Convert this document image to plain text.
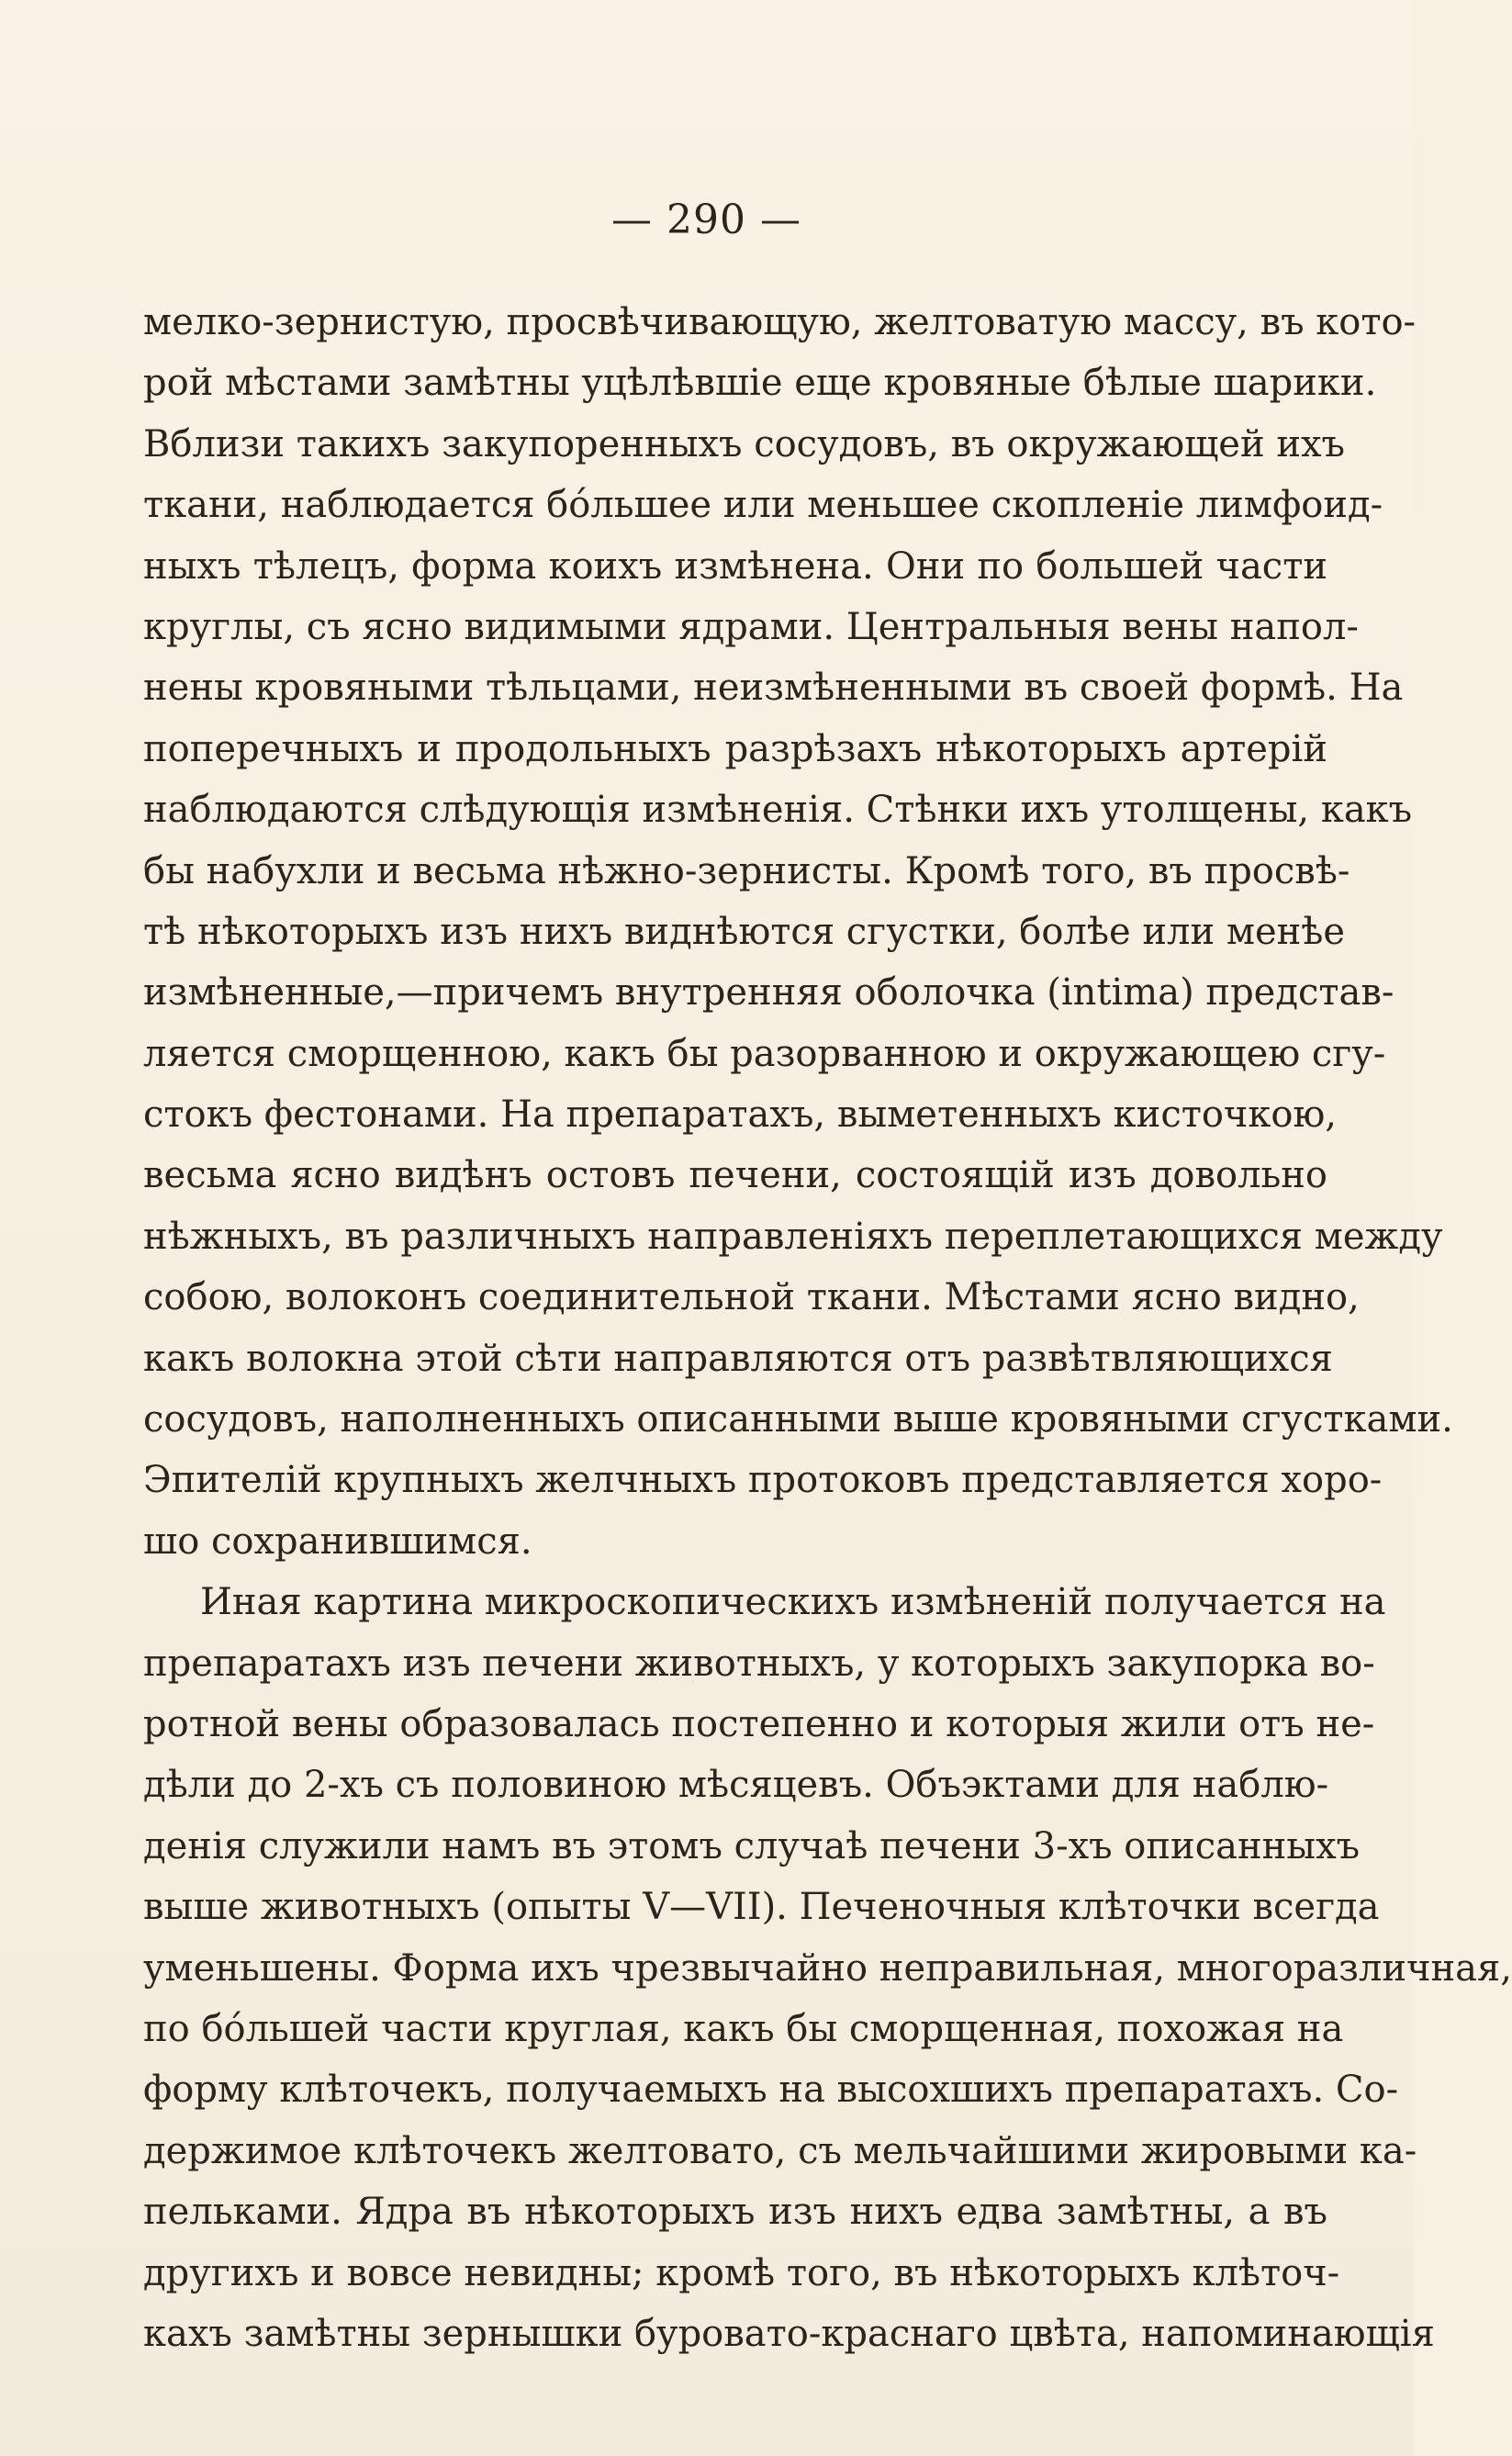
— 290 —
мелко-зернистую, просвѣчивающую, желтоватую массу, въ кото-
рой мѣстами замѣтны уцѣлѣвшіе еще кровяные бѣлые шарики.
Вблизи такихъ закупоренныхъ сосудовъ, въ окружающей ихъ
ткани, наблюдается бо́льшее или меньшее скопленіе лимфоид-
ныхъ тѣлецъ, форма коихъ измѣнена. Они по большей части
круглы, съ ясно видимыми ядрами. Центральныя вены напол-
нены кровяными тѣльцами, неизмѣненными въ своей формѣ. На
поперечныхъ и продольныхъ разрѣзахъ нѣкоторыхъ артерій
наблюдаются слѣдующія измѣненія. Стѣнки ихъ утолщены, какъ
бы набухли и весьма нѣжно-зернисты. Кромѣ того, въ просвѣ-
тѣ нѣкоторыхъ изъ нихъ виднѣются сгустки, болѣе или менѣе
измѣненные,—причемъ внутренняя оболочка (intima) представ-
ляется сморщенною, какъ бы разорванною и окружающею сгу-
стокъ фестонами. На препаратахъ, выметенныхъ кисточкою,
весьма ясно видѣнъ остовъ печени, состоящій изъ довольно
нѣжныхъ, въ различныхъ направленіяхъ переплетающихся между
собою, волоконъ соединительной ткани. Мѣстами ясно видно,
какъ волокна этой сѣти направляются отъ развѣтвляющихся
сосудовъ, наполненныхъ описанными выше кровяными сгустками.
Эпителій крупныхъ желчныхъ протоковъ представляется хоро-
шо сохранившимся.
Иная картина микроскопическихъ измѣненій получается на
препаратахъ изъ печени животныхъ, у которыхъ закупорка во-
ротной вены образовалась постепенно и которыя жили отъ не-
дѣли до 2-хъ съ половиною мѣсяцевъ. Объэктами для наблю-
денія служили намъ въ этомъ случаѣ печени 3-хъ описанныхъ
выше животныхъ (опыты V—VII). Печеночныя клѣточки всегда
уменьшены. Форма ихъ чрезвычайно неправильная, многоразличная,
по бо́льшей части круглая, какъ бы сморщенная, похожая на
форму клѣточекъ, получаемыхъ на высохшихъ препаратахъ. Со-
держимое клѣточекъ желтовато, съ мельчайшими жировыми ка-
пельками. Ядра въ нѣкоторыхъ изъ нихъ едва замѣтны, а въ
другихъ и вовсе невидны; кромѣ того, въ нѣкоторыхъ клѣточ-
кахъ замѣтны зернышки буровато-краснаго цвѣта, напоминающія
